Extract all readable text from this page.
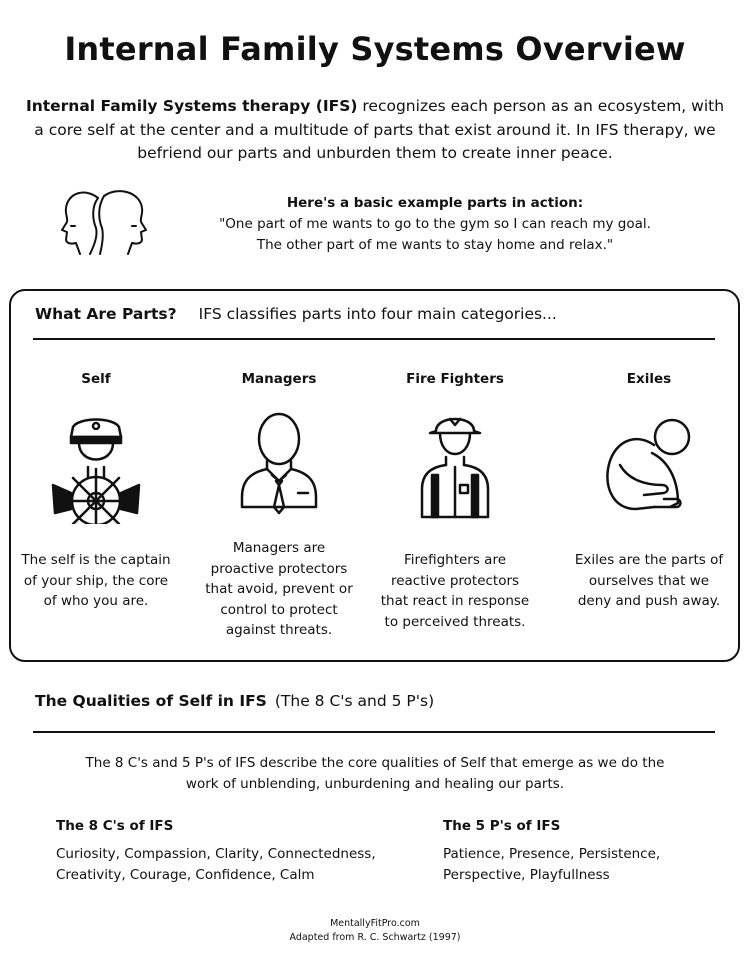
Internal Family Systems Overview
Internal Family Systems therapy (IFS) recognizes each person as an ecosystem, with a core self at the center and a multitude of parts that exist around it. In IFS therapy, we befriend our parts and unburden them to create inner peace.
Here's a basic example parts in action:
"One part of me wants to go to the gym so I can reach my goal.
The other part of me wants to stay home and relax."
What Are Parts? IFS classifies parts into four main categories...
Self
The self is the captain
of your ship, the core
of who you are.
Managers
Managers are
proactive protectors
that avoid, prevent or
control to protect
against threats.
Fire Fighters
Firefighters are
reactive protectors
that react in response
to perceived threats.
Exiles
Exiles are the parts of
ourselves that we
deny and push away.
The Qualities of Self in IFS (The 8 C's and 5 P's)
The 8 C's and 5 P's of IFS describe the core qualities of Self that emerge as we do the
work of unblending, unburdening and healing our parts.
The 8 C's of IFS
Curiosity, Compassion, Clarity, Connectedness,
Creativity, Courage, Confidence, Calm
The 5 P's of IFS
Patience, Presence, Persistence,
Perspective, Playfullness
MentallyFitPro.com
Adapted from R. C. Schwartz (1997)
